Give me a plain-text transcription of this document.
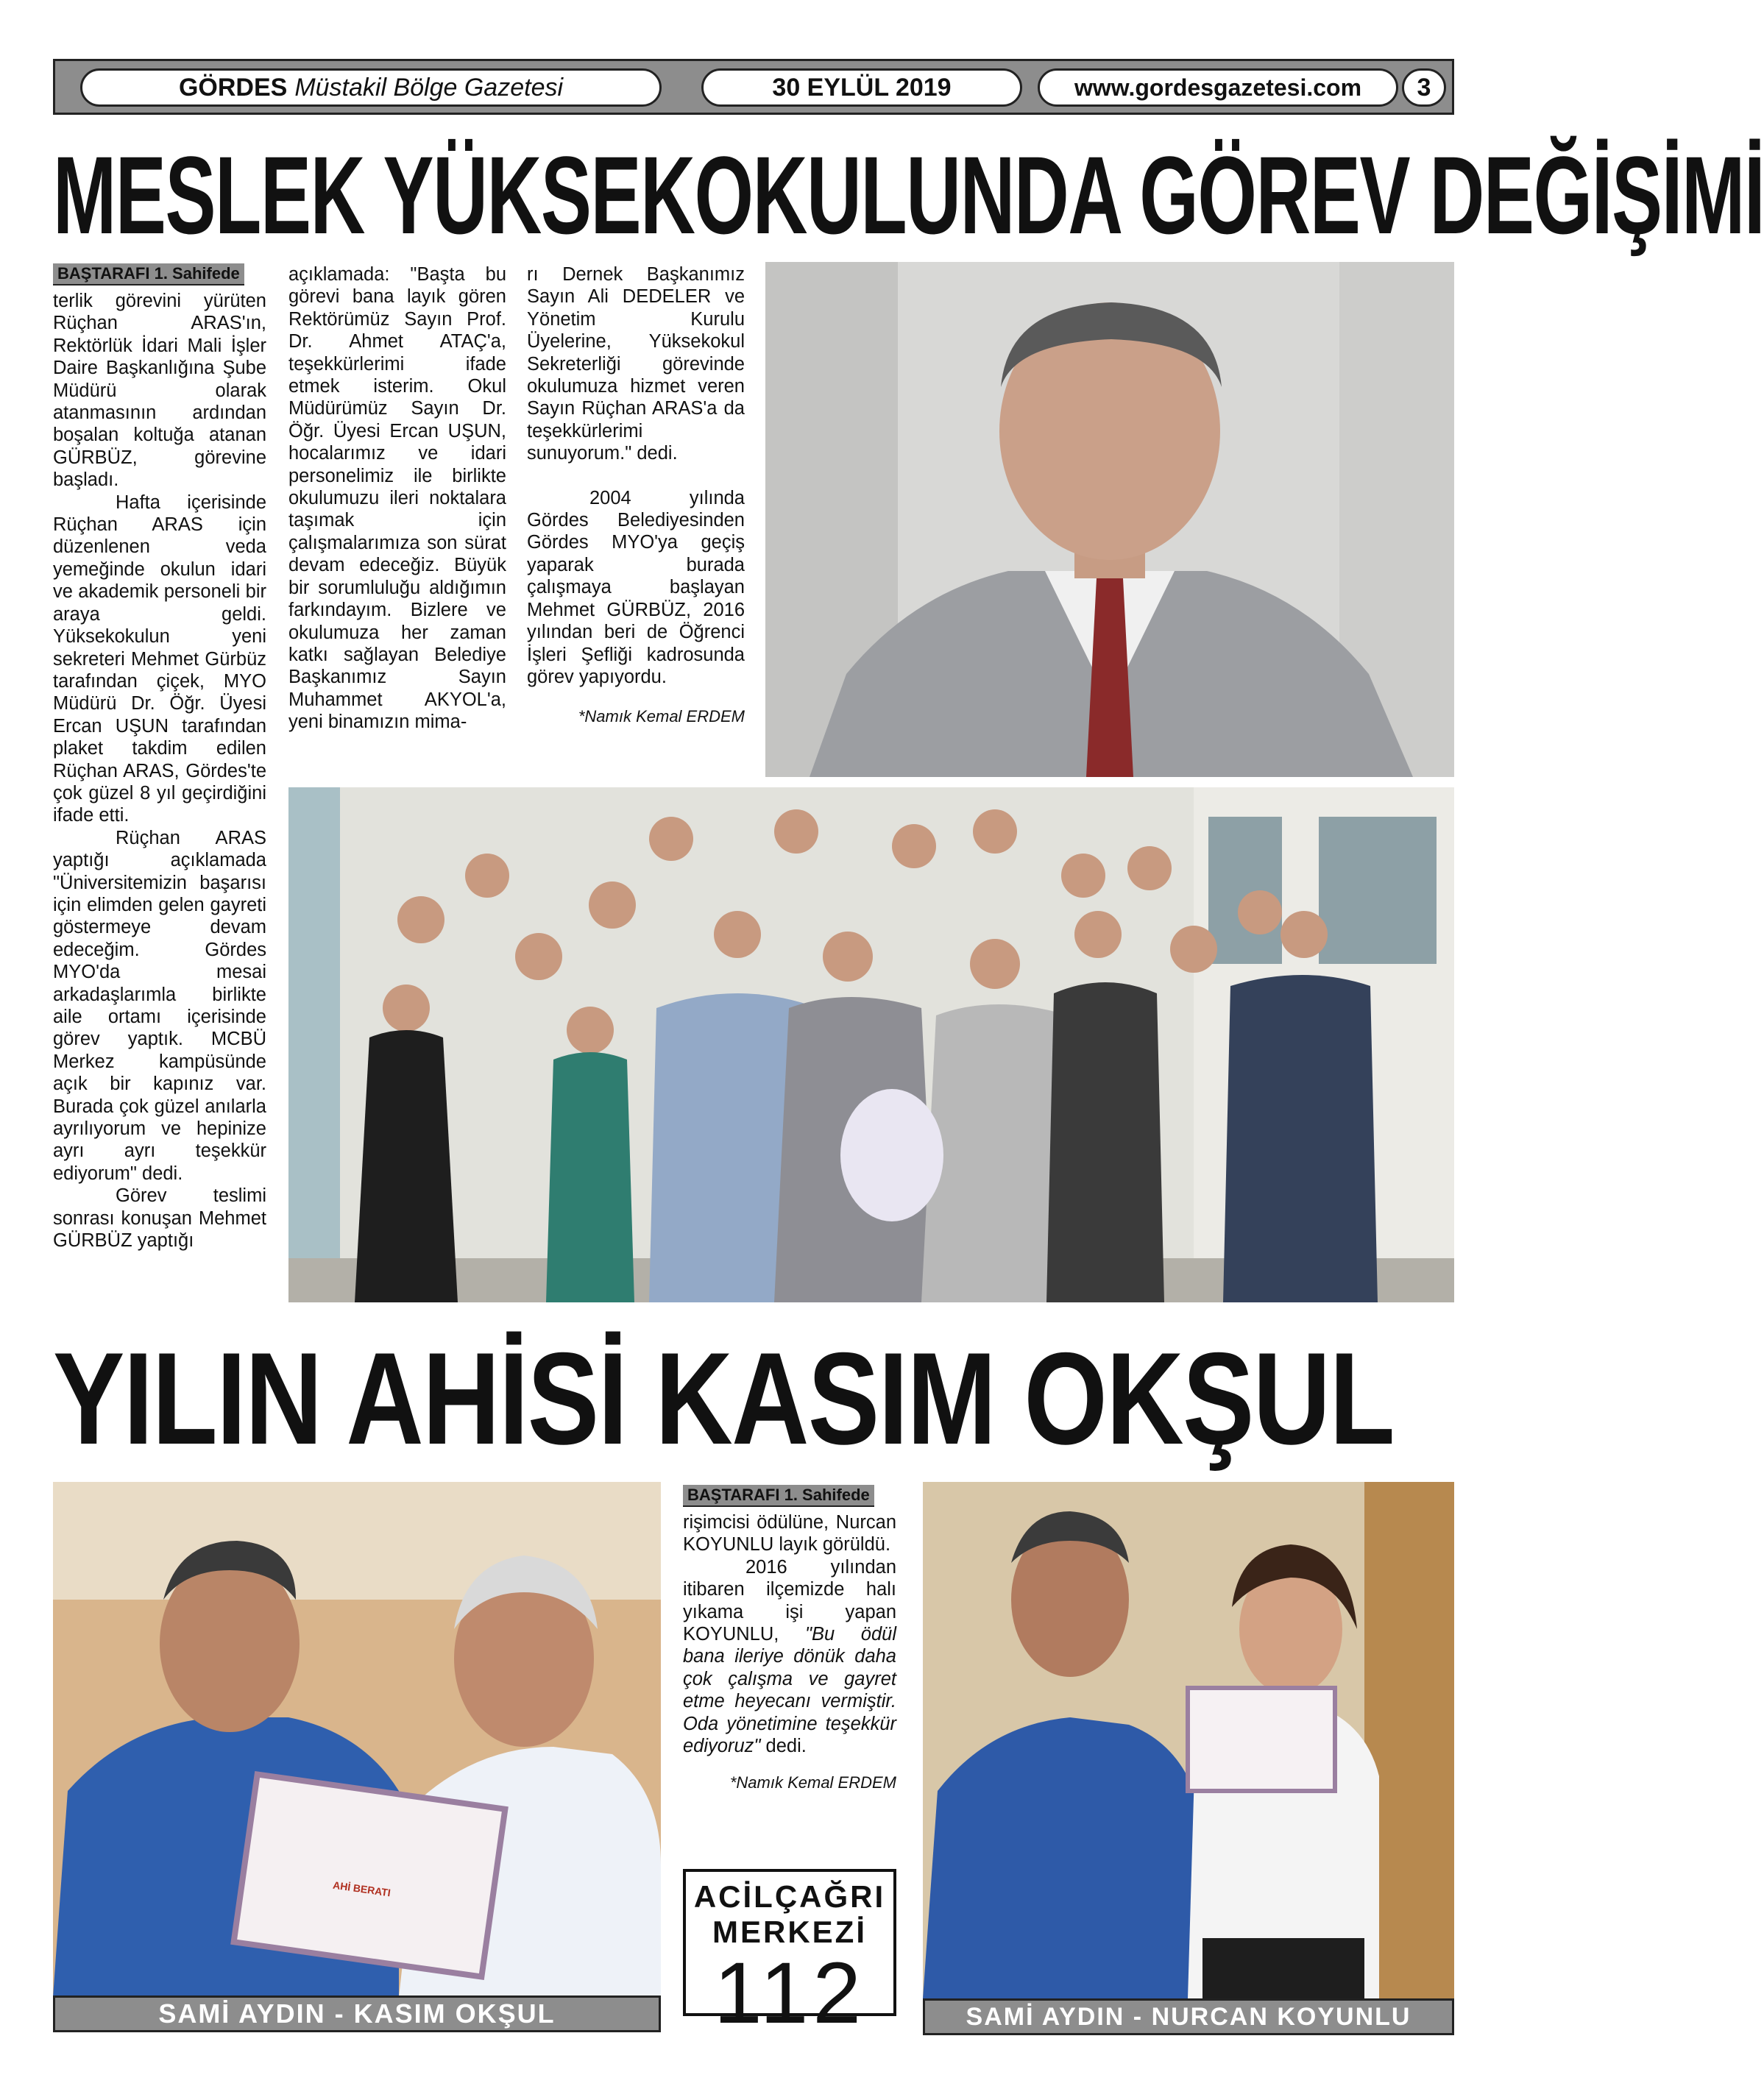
GÖRDES Müstakil Bölge Gazetesi	30 EYLÜL 2019	www.gordesgazetesi.com	3
MESLEK YÜKSEKOKULUNDA GÖREV DEĞİŞİMİ
BAŞTARAFI 1. Sahifede

terlik görevini yürüten Rüçhan ARAS'ın, Rektörlük İdari Mali İşler Daire Başkanlığına Şube Müdürü olarak atanmasının ardından boşalan koltuğa atanan GÜRBÜZ, görevine başladı.

Hafta içerisinde Rüçhan ARAS için düzenlenen veda yemeğinde okulun idari ve akademik personeli bir araya geldi. Yüksekokulun yeni sekreteri Mehmet Gürbüz tarafından çiçek, MYO Müdürü Dr. Öğr. Üyesi Ercan UŞUN tarafından plaket takdim edilen Rüçhan ARAS, Gördes'te çok güzel 8 yıl geçirdiğini ifade etti.

Rüçhan ARAS yaptığı açıklamada "Üniversitemizin başarısı için elimden gelen gayreti göstermeye devam edeceğim. Gördes MYO'da mesai arkadaşlarımla birlikte aile ortamı içerisinde görev yaptık. MCBÜ Merkez kampüsünde açık bir kapınız var. Burada çok güzel anılarla ayrılıyorum ve hepinize ayrı ayrı teşekkür ediyorum" dedi.

Görev teslimi sonrası konuşan Mehmet GÜRBÜZ yaptığı

açıklamada: "Başta bu görevi bana layık gören Rektörümüz Sayın Prof. Dr. Ahmet ATAÇ'a, teşekkürlerimi ifade etmek isterim. Okul Müdürümüz Sayın Dr. Öğr. Üyesi Ercan UŞUN, hocalarımız ve idari personelimiz ile birlikte okulumuzu ileri noktalara taşımak için çalışmalarımıza son sürat devam edeceğiz. Büyük bir sorumluluğu aldığımın farkındayım. Bizlere ve okulumuza her zaman katkı sağlayan Belediye Başkanımız Sayın Muhammet AKYOL'a, yeni binamızın mima-

rı Dernek Başkanımız Sayın Ali DEDELER ve Yönetim Kurulu Üyelerine, Yüksekokul Sekreterliği görevinde okulumuza hizmet veren Sayın Rüçhan ARAS'a da teşekkürlerimi sunuyorum." dedi.

2004 yılında Gördes Belediyesinden Gördes MYO'ya geçiş yaparak burada çalışmaya başlayan Mehmet GÜRBÜZ, 2016 yılından beri de Öğrenci İşleri Şefliği kadrosunda görev yapıyordu.

*Namık Kemal ERDEM

YILIN AHİSİ KASIM OKŞUL
AHİ BERATI
SAMİ AYDIN - KASIM OKŞUL
BAŞTARAFI 1. Sahifede

rişimcisi ödülüne, Nurcan KOYUNLU layık görüldü.

2016 yılından itibaren ilçemizde halı yıkama işi yapan KOYUNLU, "Bu ödül bana ileriye dönük daha çok çalışma ve gayret etme heyecanı vermiştir. Oda yönetimine teşekkür ediyoruz" dedi.

*Namık Kemal ERDEM

ACİLÇAĞRI
MERKEZİ
112	SAMİ AYDIN - NURCAN KOYUNLU
